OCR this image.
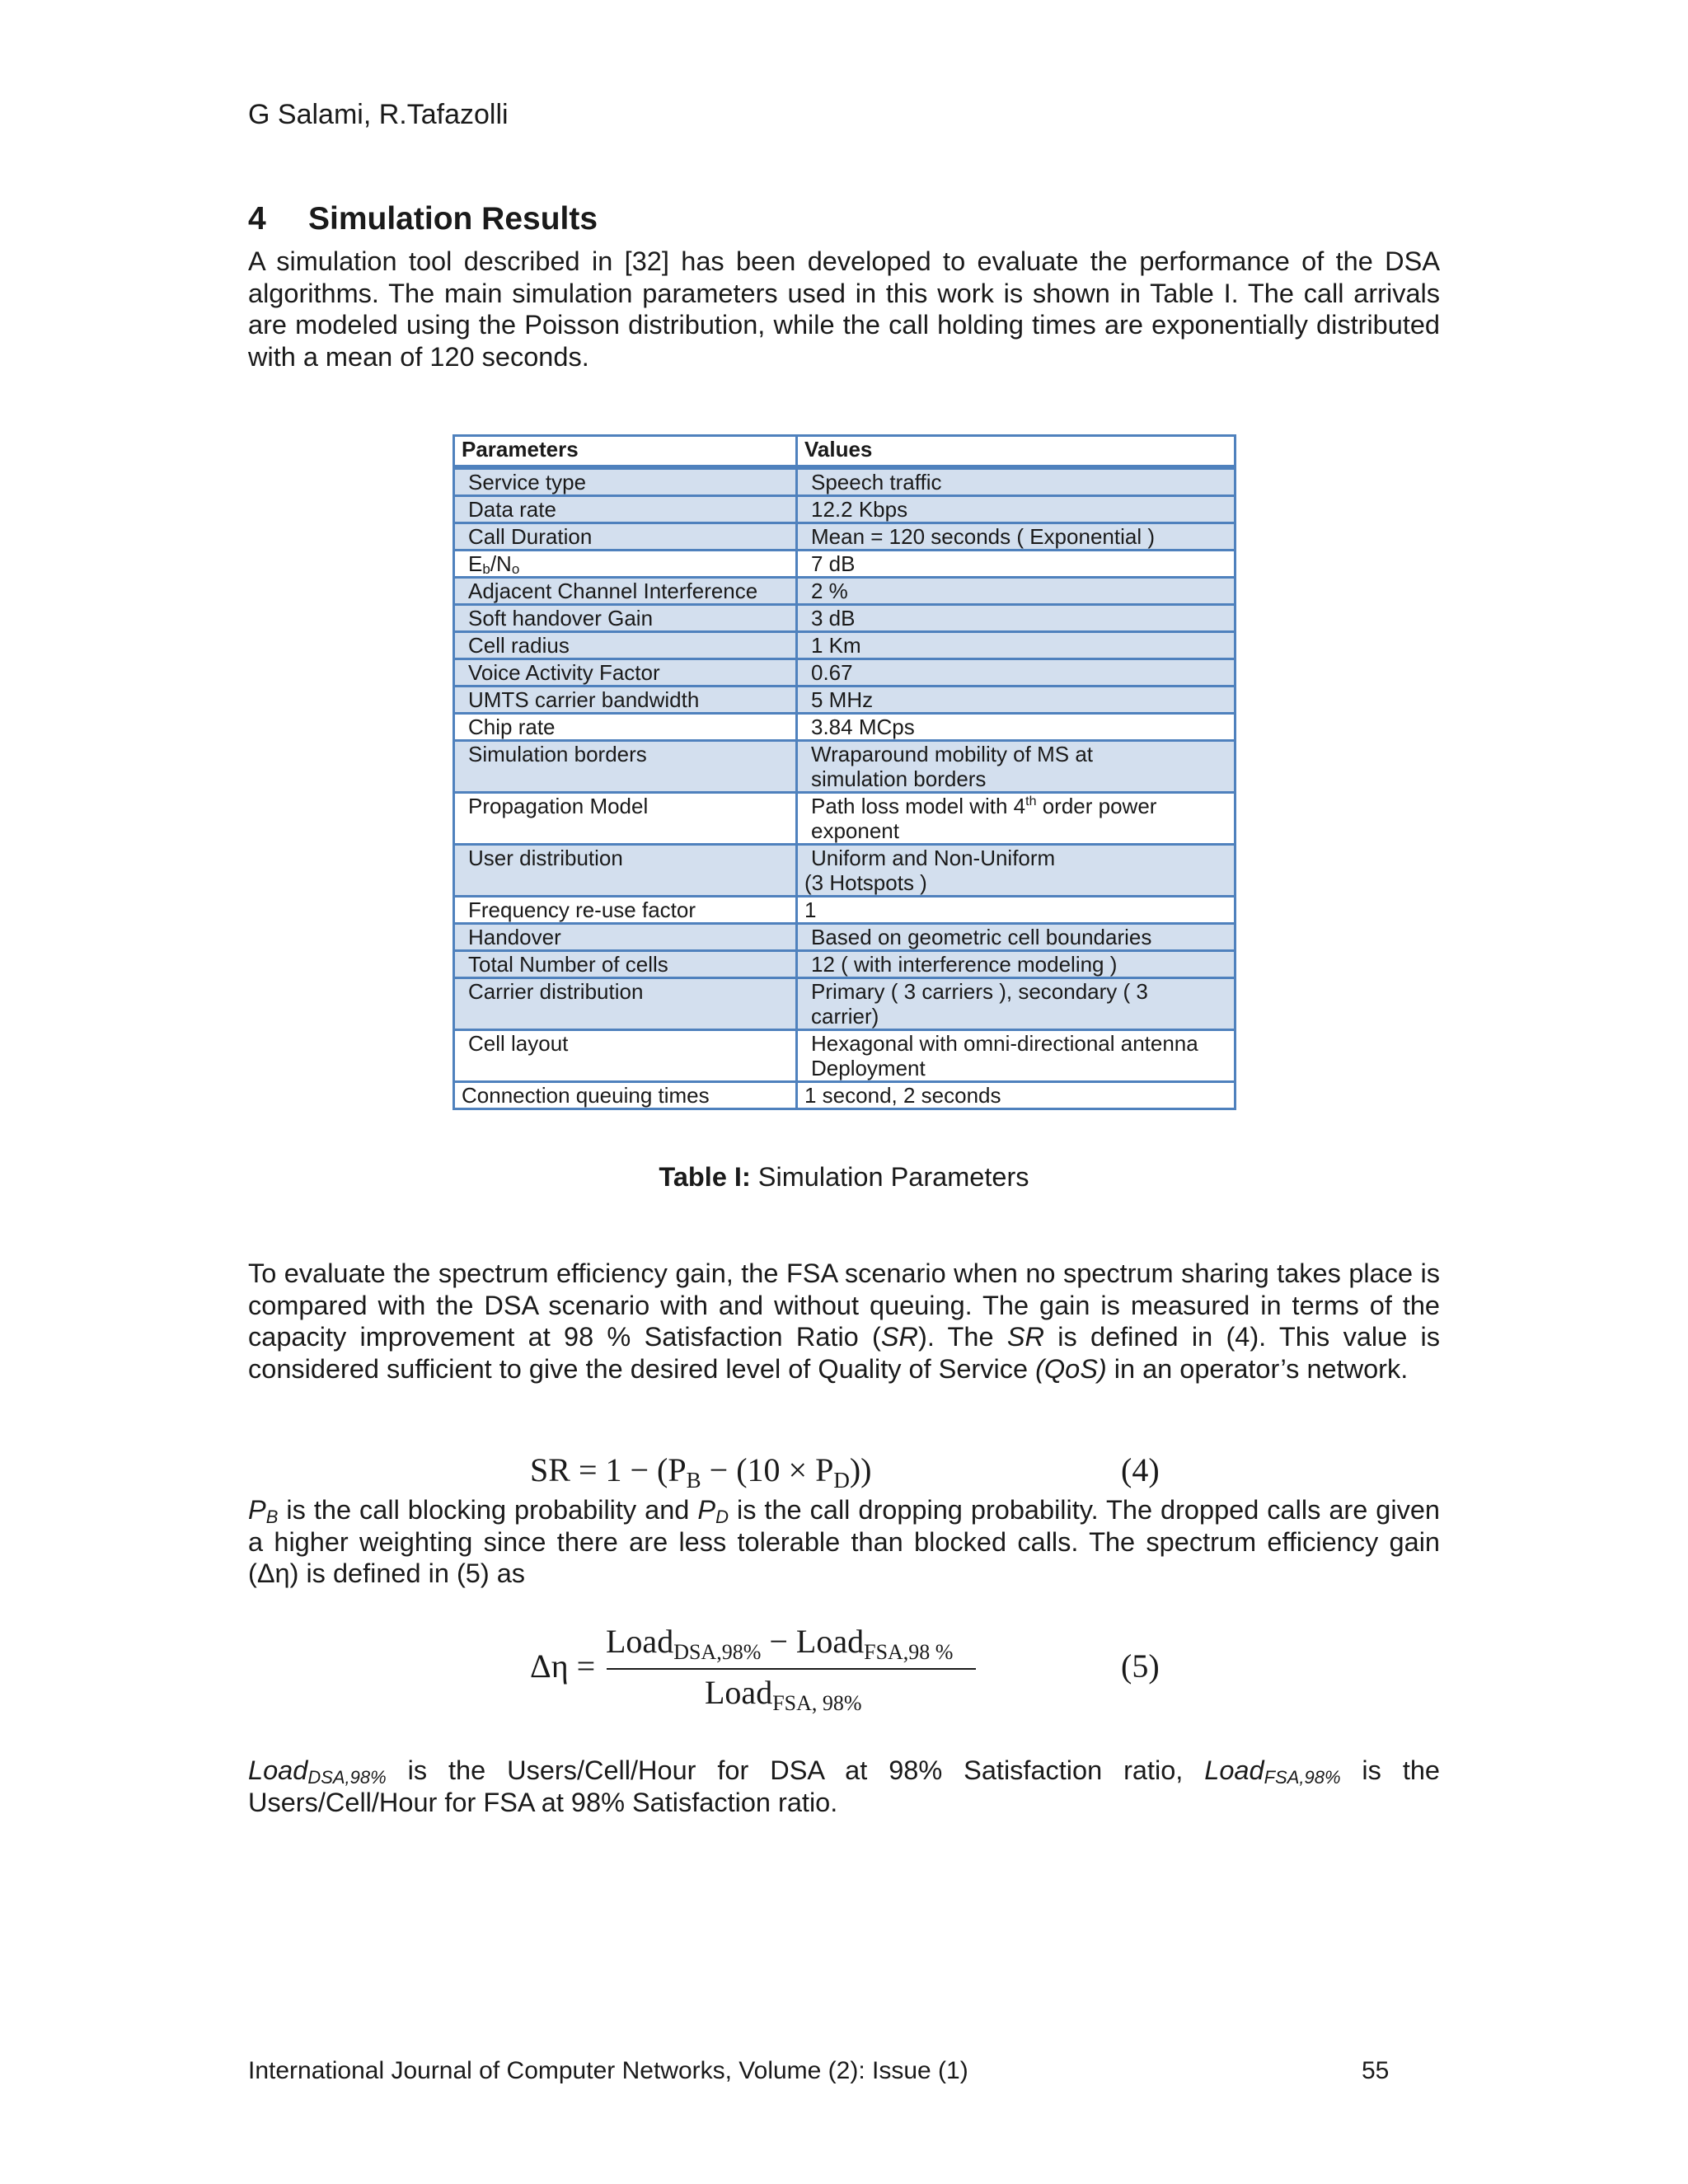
G Salami, R.Tafazolli
4 Simulation Results

A simulation tool described in [32] has been developed to evaluate the performance of the DSA algorithms. The main simulation parameters used in this work is shown in Table I. The call arrivals are modeled using the Poisson distribution, while the call holding times are exponentially distributed with a mean of 120 seconds.

Parameters	Values
Service type	Speech traffic
Data rate	12.2 Kbps
Call Duration	Mean = 120 seconds ( Exponential )
$E_b/N_o$	7 dB
Adjacent Channel Interference	2 %
Soft handover Gain	3 dB
Cell radius	1 Km
Voice Activity Factor	0.67
UMTS carrier bandwidth	5 MHz
Chip rate	3.84 MCps
Simulation borders	Wraparound mobility of MS at
simulation borders
Propagation Model	Path loss model with 4th order power
exponent
User distribution	Uniform and Non-Uniform
(3 Hotspots )
Frequency re-use factor	1
Handover	Based on geometric cell boundaries
Total Number of cells	12 ( with interference modeling )
Carrier distribution	Primary ( 3 carriers ), secondary ( 3
carrier)
Cell layout	Hexagonal with omni-directional antenna
Deployment
Connection queuing times	1 second, 2 seconds
Table I: Simulation Parameters

To evaluate the spectrum efficiency gain, the FSA scenario when no spectrum sharing takes place is compared with the DSA scenario with and without queuing. The gain is measured in terms of the capacity improvement at 98 % Satisfaction Ratio (SR). The SR is defined in (4). This value is considered sufficient to give the desired level of Quality of Service (QoS) in an operator’s network.

SR = $1 - (P_B - (10 \times P_D))$	(4)

$P_B$ is the call blocking probability and $P_D$ is the call dropping probability. The dropped calls are given a higher weighting since there are less tolerable than blocked calls. The spectrum efficiency gain (Δη) is defined in (5) as

Δη =
Load$_{DSA,98\%}$ − Load$_{FSA,98 \%}$
Load$_{FSA, 98\%}$
(5)

Load$_{DSA,98\%}$ is the Users/Cell/Hour for DSA at 98% Satisfaction ratio, Load$_{FSA,98\%}$ is the Users/Cell/Hour for FSA at 98% Satisfaction ratio.

International Journal of Computer Networks, Volume (2): Issue (1)	55
